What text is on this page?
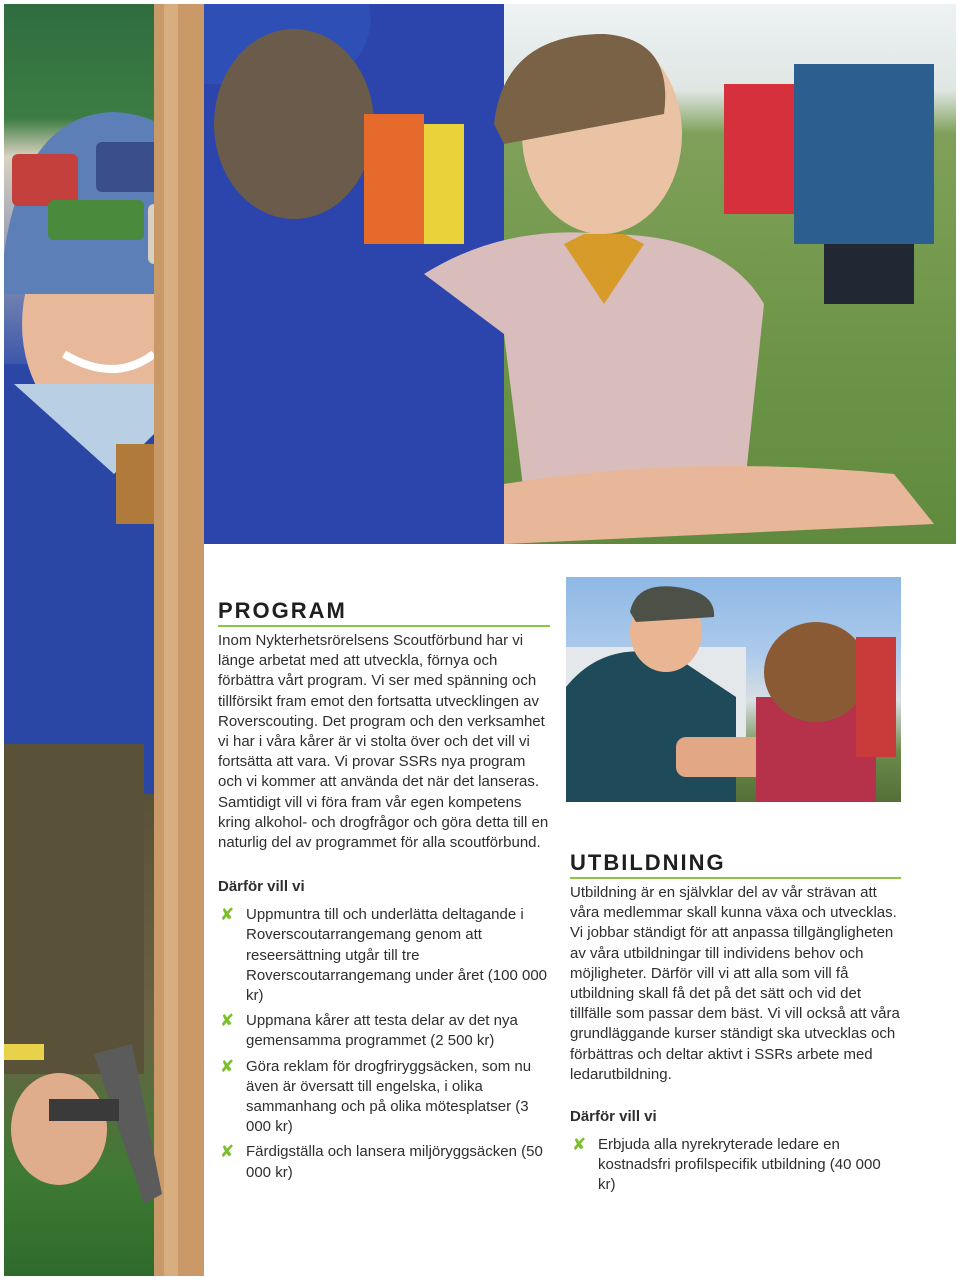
PROGRAM

Inom Nykterhetsrörelsens Scoutförbund har vi länge arbetat med att utveckla, förnya och förbättra vårt program. Vi ser med spänning och tillförsikt fram emot den fortsatta utvecklingen av Roverscouting. Det program och den verksamhet vi har i våra kårer är vi stolta över och det vill vi fortsätta att vara. Vi provar SSRs nya program och vi kommer att använda det när det lanseras. Samtidigt vill vi föra fram vår egen kompetens kring alkohol- och drogfrågor och göra detta till en naturlig del av programmet för alla scoutförbund.

Därför vill vi

✘ Uppmuntra till och underlätta deltagande i Roverscoutarrangemang genom att reseersättning utgår till tre Roverscoutarrangemang under året (100 000 kr)
✘ Uppmana kårer att testa delar av det nya gemensamma programmet (2 500 kr)
✘ Göra reklam för drogfriryggsäcken, som nu även är översatt till engelska, i olika sammanhang och på olika mötesplatser (3 000 kr)
✘ Färdigställa och lansera miljöryggsäcken (50 000 kr)
UTBILDNING

Utbildning är en självklar del av vår strävan att våra medlemmar skall kunna växa och utvecklas. Vi jobbar ständigt för att anpassa tillgängligheten av våra utbildningar till individens behov och möjligheter. Därför vill vi att alla som vill få utbildning skall få det på det sätt och vid det tillfälle som passar dem bäst. Vi vill också att våra grundläggande kurser ständigt ska utvecklas och förbättras och deltar aktivt i SSRs arbete med ledarutbildning.

Därför vill vi

✘ Erbjuda alla nyrekryterade ledare en kostnadsfri profilspecifik utbildning (40 000 kr)
